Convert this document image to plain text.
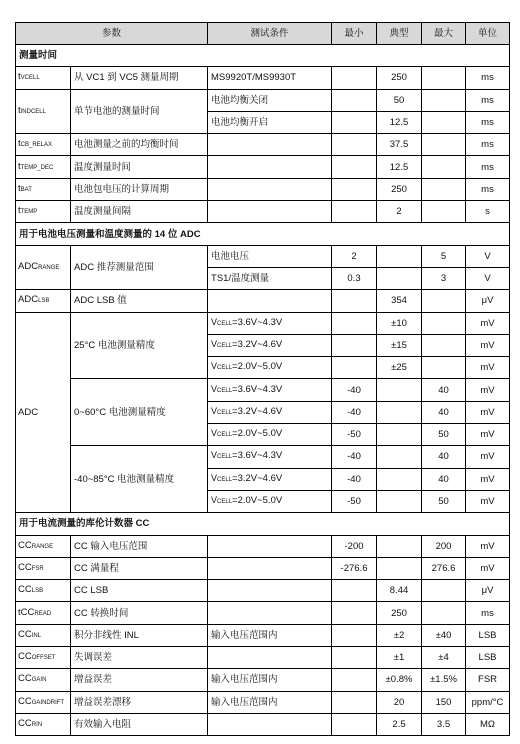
参数		测试条件	最小	典型	最大	单位
测量时间						
tVCELL	从 VC1 到 VC5 测量周期	MS9920T/MS9930T		250		ms
tINDCELL	单节电池的测量时间	电池均衡关闭		50		ms
		电池均衡开启		12.5		ms
tCB_RELAX	电池测量之前的均衡时间			37.5		ms
tTEMP_DEC	温度测量时间			12.5		ms
tBAT	电池包电压的计算周期			250		ms
tTEMP	温度测量间隔			2		s
用于电池电压测量和温度测量的 14 位 ADC						
ADCRANGE	ADC 推荐测量范围	电池电压	2		5	V
		TS1/温度测量	0.3		3	V
ADCLSB	ADC LSB 值			354		μV
ADC	25°C 电池测量精度	VCELL=3.6V~4.3V		±10		mV
		VCELL=3.2V~4.6V		±15		mV
		VCELL=2.0V~5.0V		±25		mV
	0~60°C 电池测量精度	VCELL=3.6V~4.3V	-40		40	mV
		VCELL=3.2V~4.6V	-40		40	mV
		VCELL=2.0V~5.0V	-50		50	mV
	-40~85°C 电池测量精度	VCELL=3.6V~4.3V	-40		40	mV
		VCELL=3.2V~4.6V	-40		40	mV
		VCELL=2.0V~5.0V	-50		50	mV
用于电流测量的库伦计数器 CC						
CCRANGE	CC 输入电压范围		-200		200	mV
CCFSR	CC 满量程		-276.6		276.6	mV
CCLSB	CC LSB			8.44		μV
tCCREAD	CC 转换时间			250		ms
CCINL	积分非线性 INL	输入电压范围内		±2	±40	LSB
CCOFFSET	失调误差			±1	±4	LSB
CCGAIN	增益误差	输入电压范围内		±0.8%	±1.5%	FSR
CCGAINDRIFT	增益误差漂移	输入电压范围内		20	150	ppm/°C
CCRIN	有效输入电阻			2.5	3.5	MΩ
